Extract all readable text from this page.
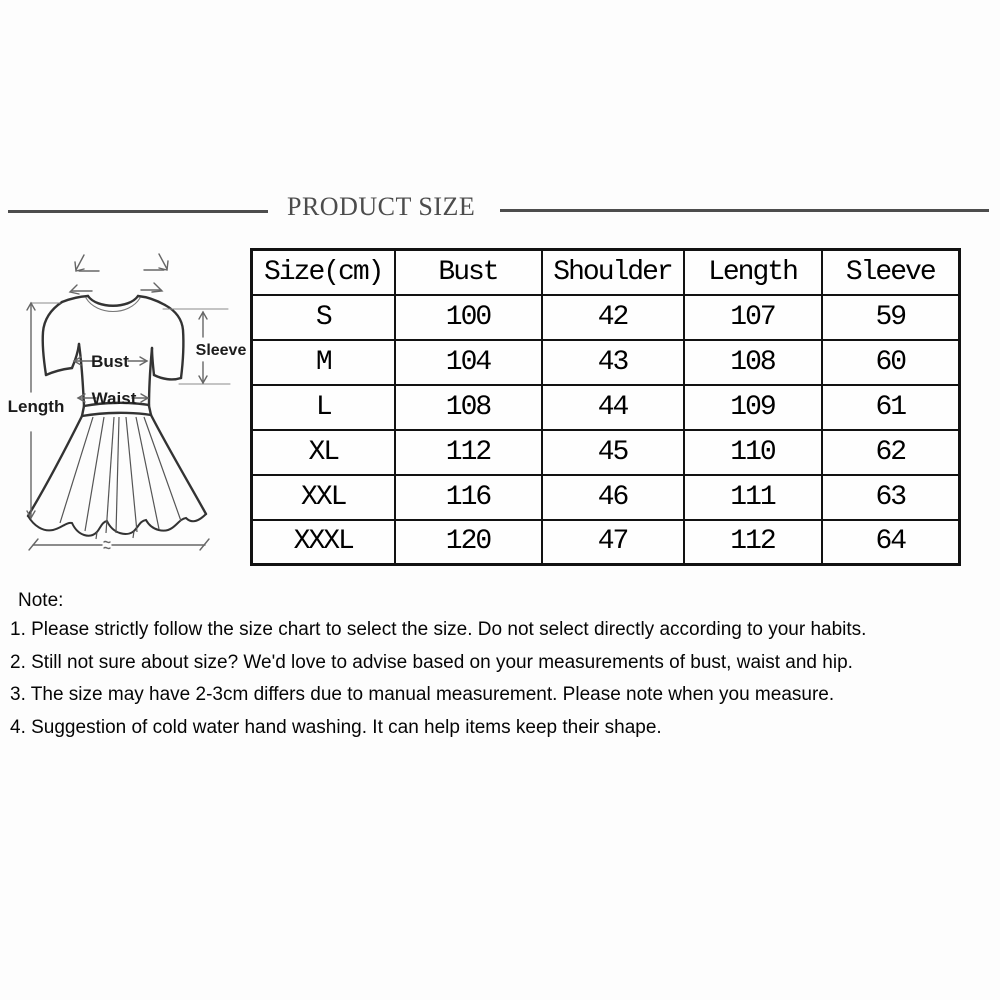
PRODUCT SIZE
Bust
Waist
Sleeve
Length
Size(cm)	Bust	Shoulder	Length	Sleeve
S	100	42	107	59
M	104	43	108	60
L	108	44	109	61
XL	112	45	110	62
XXL	116	46	111	63
XXXL	120	47	112	64
Note:
1. Please strictly follow the size chart to select the size. Do not select directly according to your habits.
2. Still not sure about size? We'd love to advise based on your measurements of bust, waist and hip.
3. The size may have 2-3cm differs due to manual measurement. Please note when you measure.
4. Suggestion of cold water hand washing. It can help items keep their shape.
